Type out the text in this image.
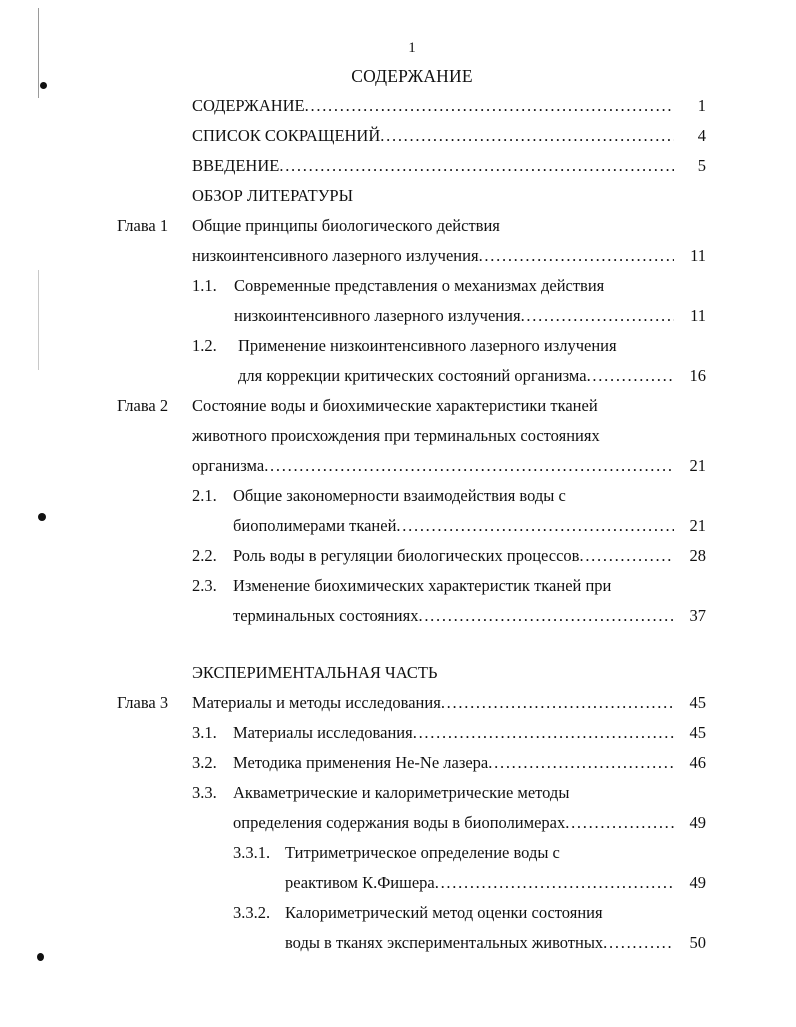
1
СОДЕРЖАНИЕ
СОДЕРЖАНИЕ . . .	1
СПИСОК СОКРАЩЕНИЙ . . .	4
ВВЕДЕНИЕ . . .	5
ОБЗОР ЛИТЕРАТУРЫ
Глава 1 Общие принципы биологического действия
низкоинтенсивного лазерного излучения . . .	11
1.1. Современные представления о механизмах действия
низкоинтенсивного лазерного излучения . . .	11
1.2. Применение низкоинтенсивного лазерного излучения
для коррекции критических состояний организма . . .	16
Глава 2 Состояние воды и биохимические характеристики тканей
животного происхождения при терминальных состояниях
организма . . .	21
2.1. Общие закономерности взаимодействия воды с
биополимерами тканей . . .	21
2.2. Роль воды в регуляции биологических процессов . . .	28
2.3. Изменение биохимических характеристик тканей при
терминальных состояниях . . .	37
ЭКСПЕРИМЕНТАЛЬНАЯ ЧАСТЬ
Глава 3 Материалы и методы исследования . . .	45
3.1. Материалы исследования . . .	45
3.2. Методика применения He-Ne лазера . . .	46
3.3. Акваметрические и калориметрические методы
определения содержания воды в биополимерах . . .	49
3.3.1. Титриметрическое определение воды с
реактивом К.Фишера . . .	49
3.3.2. Калориметрический метод оценки состояния
воды в тканях экспериментальных животных . . .	50
